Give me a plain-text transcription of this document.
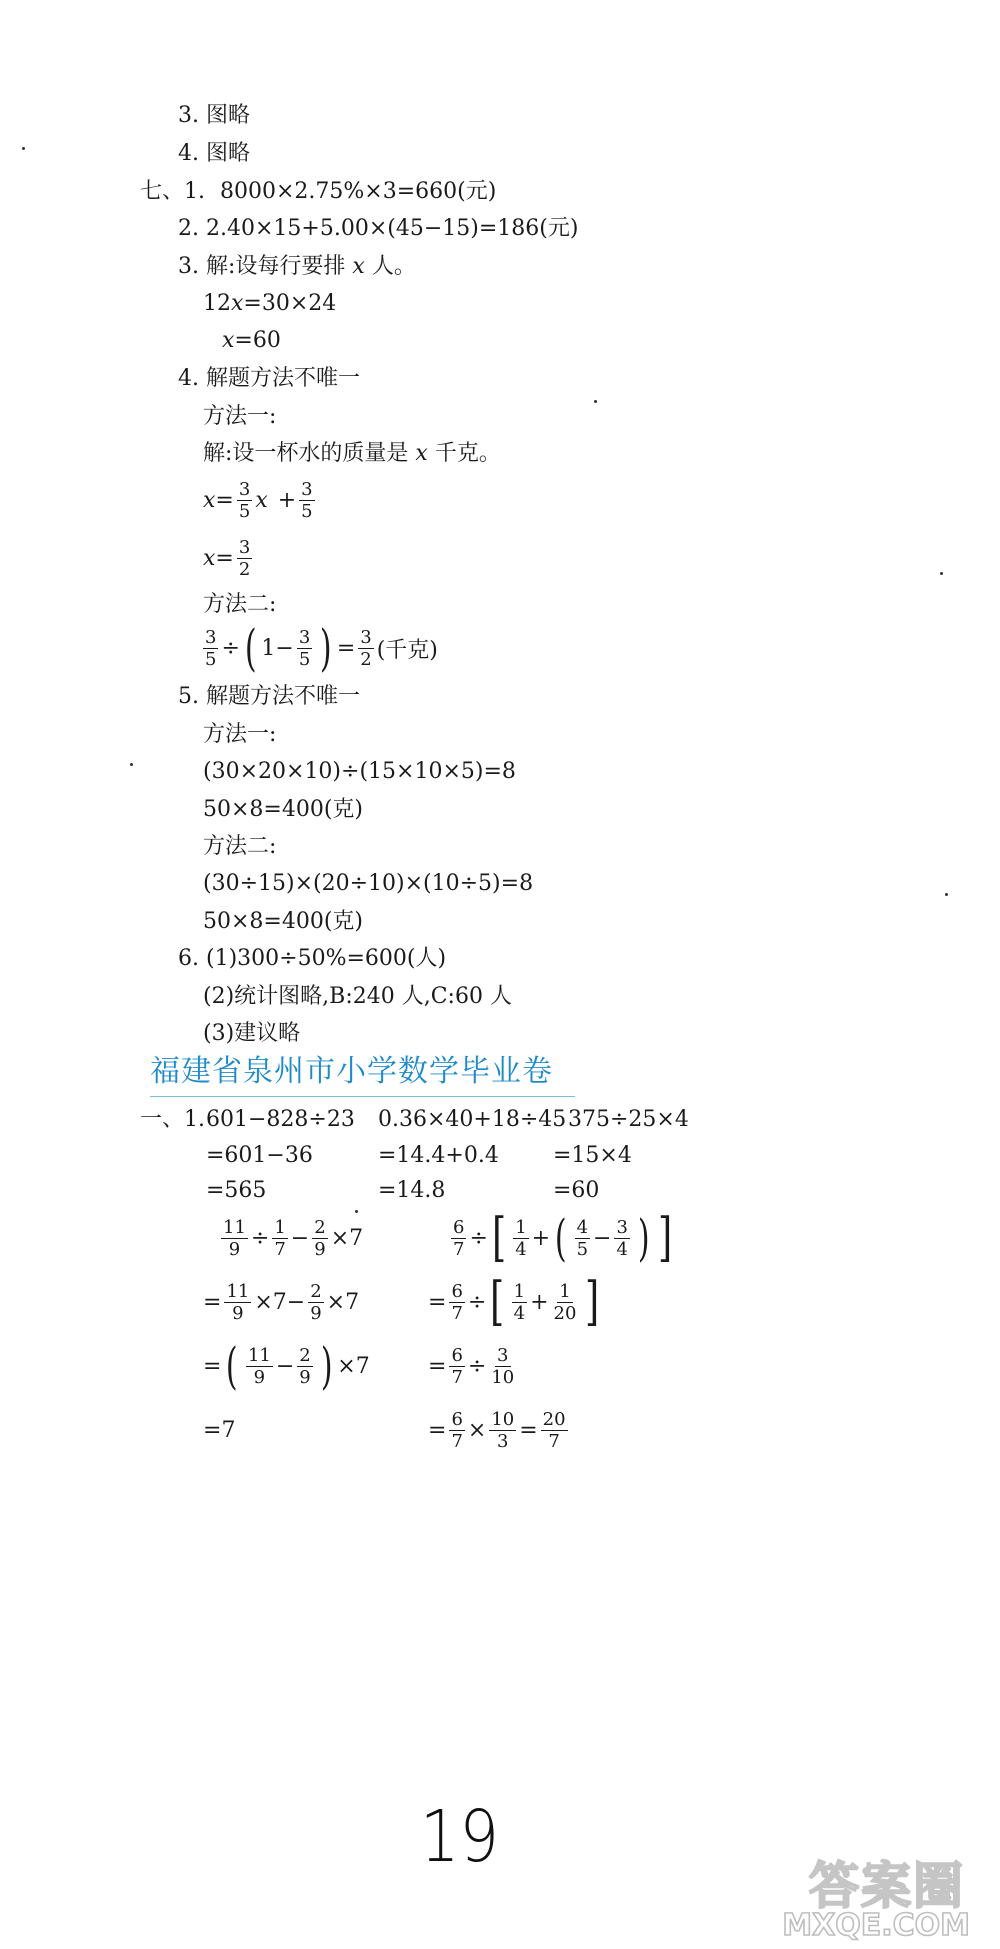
3. 图略
4. 图略
七、1. 8000×2.75%×3=660(元)
2. 2.40×15+5.00×(45−15)=186(元)
3. 解:设每行要排 x 人。
12x=30×24
x=60
4. 解题方法不唯一
方法一:
解:设一杯水的质量是 x 千克。
$x = \frac{3}{5}$ $x + \frac{3}{5}$
$x = \frac{3}{2}$
方法二:
$\frac{3}{5}$ ÷ ( $1 - \frac{3}{5}$ ) = $\frac{3}{2}$ (千克)
5. 解题方法不唯一
方法一:
(30×20×10)÷(15×10×5)=8
50×8=400(克)
方法二:
(30÷15)×(20÷10)×(10÷5)=8
50×8=400(克)
6. (1)300÷50%=600(人)
(2)统计图略,B:240 人,C:60 人
(3)建议略
福建省泉州市小学数学毕业卷
一、1. 601−828÷23
=601−36
=565
0.36×40+18÷45
=14.4+0.4
=14.8
375÷25×4
=15×4
=60
$\frac{11}{9} \div \frac{1}{7} - \frac{2}{9} \times 7$
= $\frac{11}{9} \times 7 - \frac{2}{9} \times 7$
= ( $\frac{11}{9} - \frac{2}{9}$ ) × 7
=7
$\frac{6}{7}$ ÷ [ $\frac{1}{4}$ + ( $\frac{4}{5} - \frac{3}{4}$ ) ]
= $\frac{6}{7}$ ÷ [ $\frac{1}{4} + \frac{1}{20}$ ]
= $\frac{6}{7} \div \frac{3}{10}$
= $\frac{6}{7} \times \frac{10}{3} = \frac{20}{7}$
19
答案圈
MXQE.COM
